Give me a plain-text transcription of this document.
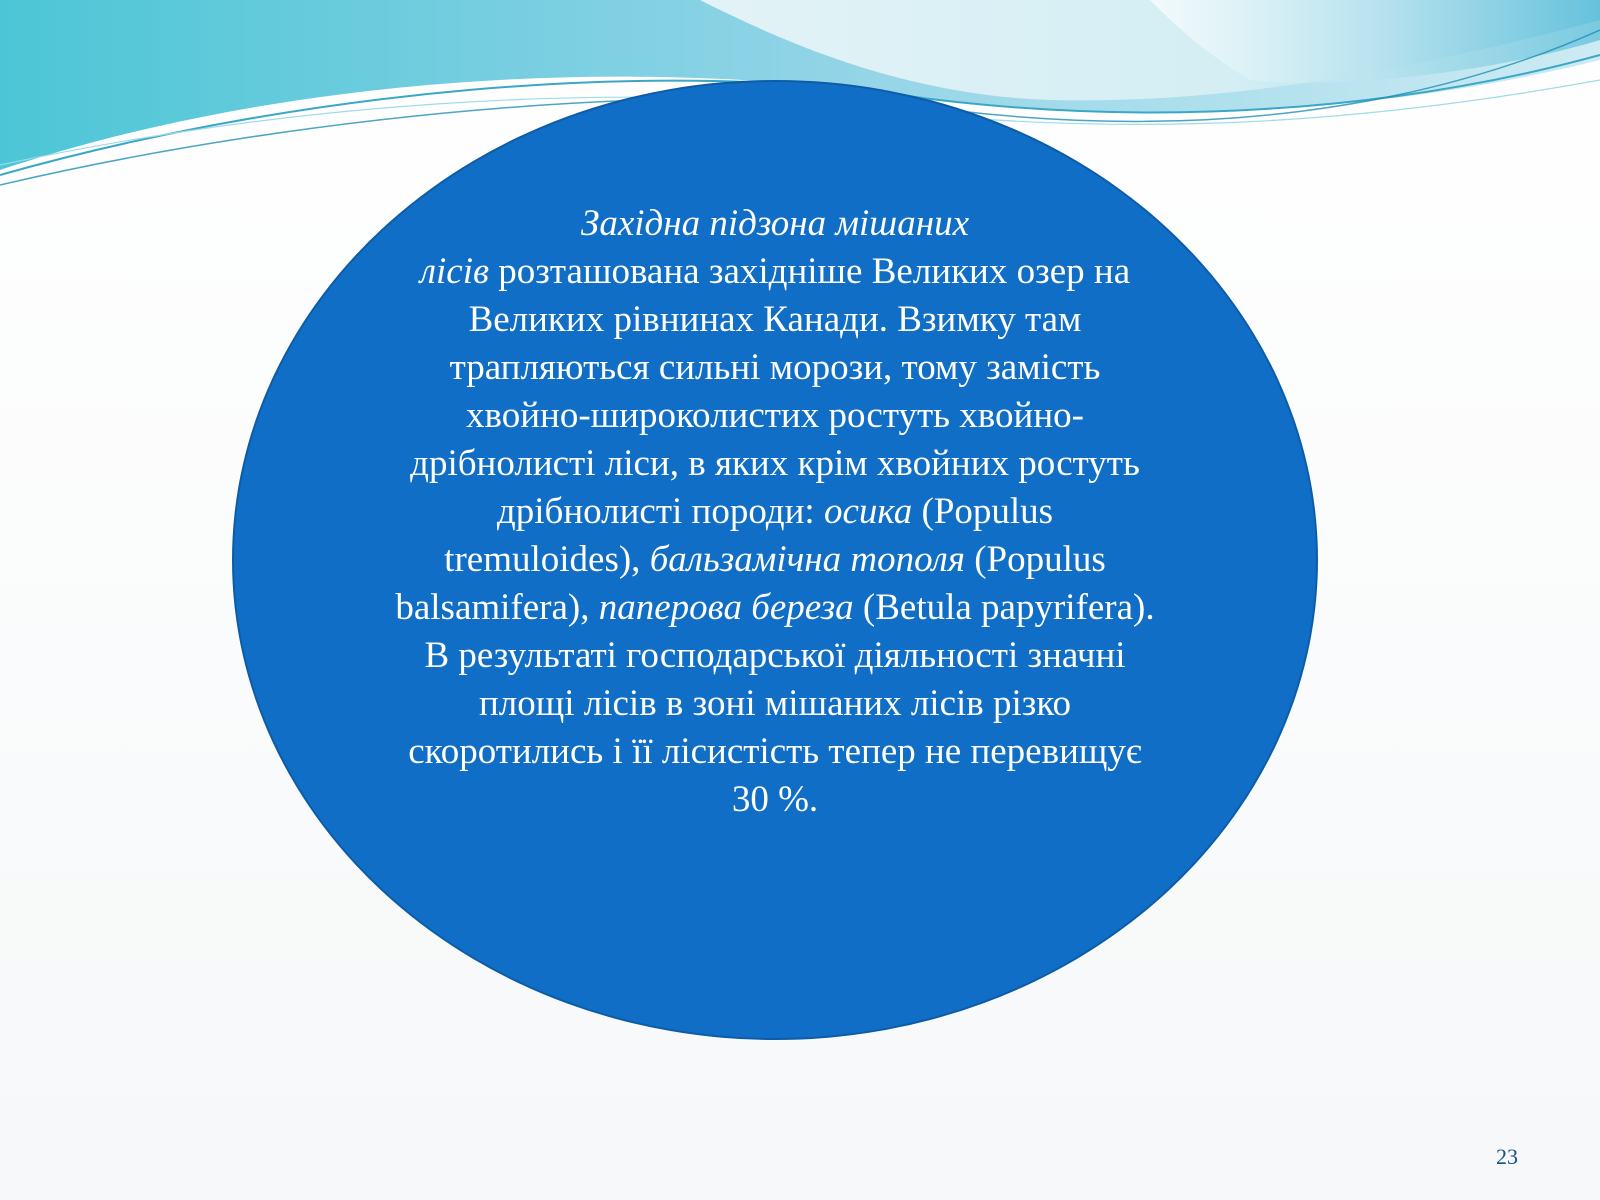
Західна підзона мішаних
лісів розташована західніше Великих озер на Великих рівнинах Канади. Взимку там трапляються сильні морози, тому замість хвойно-широколистих ростуть хвойно-дрібнолисті ліси, в яких крім хвойних ростуть дрібнолисті породи: осика (Populus tremuloides), бальзамічна тополя (Populus balsamifera), паперова береза (Betula papyrifera). В результаті господарської діяльності значні площі лісів в зоні мішаних лісів різко скоротились і її лісистість тепер не перевищує 30 %.
23
